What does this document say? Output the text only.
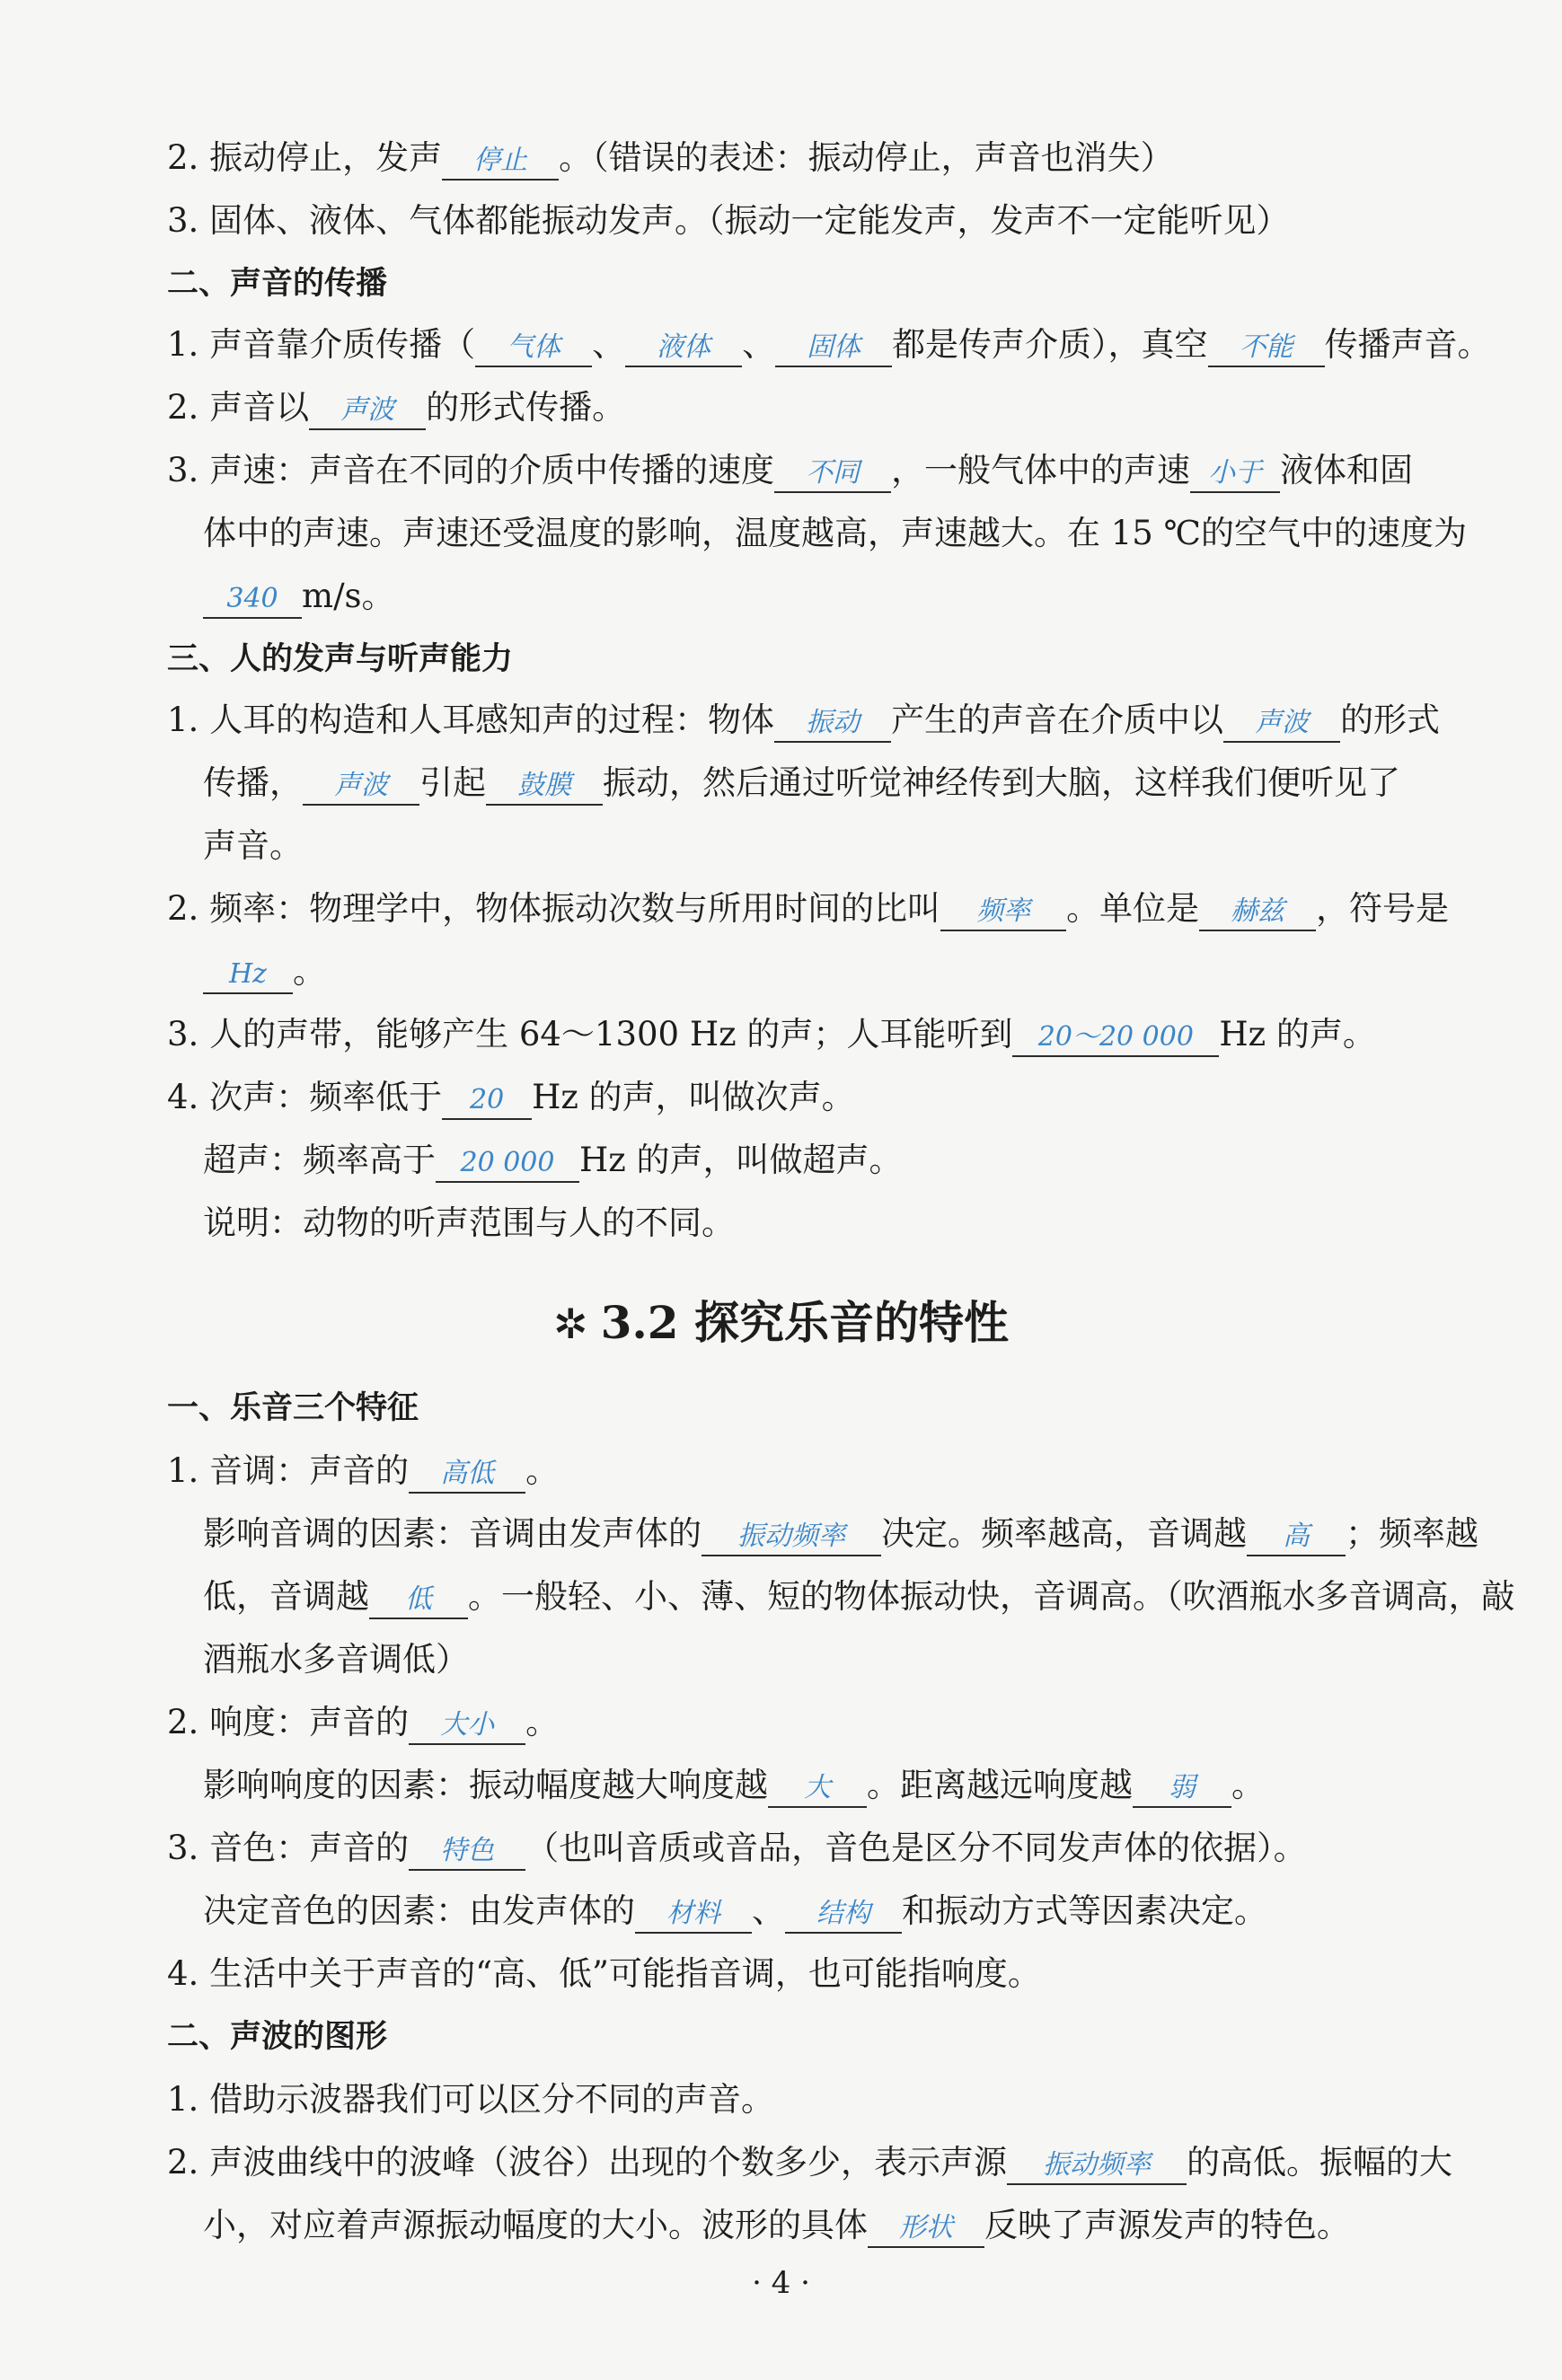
2. 振动停止，发声 停止 。（错误的表述：振动停止，声音也消失）
3. 固体、液体、气体都能振动发声。（振动一定能发声，发声不一定能听见）
二、声音的传播
1. 声音靠介质传播（ 气体 、 液体 、 固体 都是传声介质），真空 不能 传播声音。
2. 声音以 声波 的形式传播。
3. 声速：声音在不同的介质中传播的速度 不同 ，一般气体中的声速 小于 液体和固
体中的声速。声速还受温度的影响，温度越高，声速越大。在 15 ℃的空气中的速度为
340 m/s。
三、人的发声与听声能力
1. 人耳的构造和人耳感知声的过程：物体 振动 产生的声音在介质中以 声波 的形式
传播， 声波 引起 鼓膜 振动，然后通过听觉神经传到大脑，这样我们便听见了
声音。
2. 频率：物理学中，物体振动次数与所用时间的比叫 频率 。单位是 赫兹 ，符号是
Hz 。
3. 人的声带，能够产生 64～1300 Hz 的声；人耳能听到 20～20 000 Hz 的声。
4. 次声：频率低于 20 Hz 的声，叫做次声。
超声：频率高于 20 000 Hz 的声，叫做超声。
说明：动物的听声范围与人的不同。
一、乐音三个特征
1. 音调：声音的 高低 。
影响音调的因素：音调由发声体的 振动频率 决定。频率越高，音调越 高 ；频率越
低，音调越 低 。一般轻、小、薄、短的物体振动快，音调高。（吹酒瓶水多音调高，敲
酒瓶水多音调低）
2. 响度：声音的 大小 。
影响响度的因素：振动幅度越大响度越 大 。距离越远响度越 弱 。
3. 音色：声音的 特色 （也叫音质或音品，音色是区分不同发声体的依据）。
决定音色的因素：由发声体的 材料 、 结构 和振动方式等因素决定。
4. 生活中关于声音的“高、低”可能指音调，也可能指响度。
二、声波的图形
1. 借助示波器我们可以区分不同的声音。
2. 声波曲线中的波峰（波谷）出现的个数多少，表示声源 振动频率 的高低。振幅的大
小，对应着声源振动幅度的大小。波形的具体 形状 反映了声源发声的特色。
✲ 3.2 探究乐音的特性
· 4 ·
